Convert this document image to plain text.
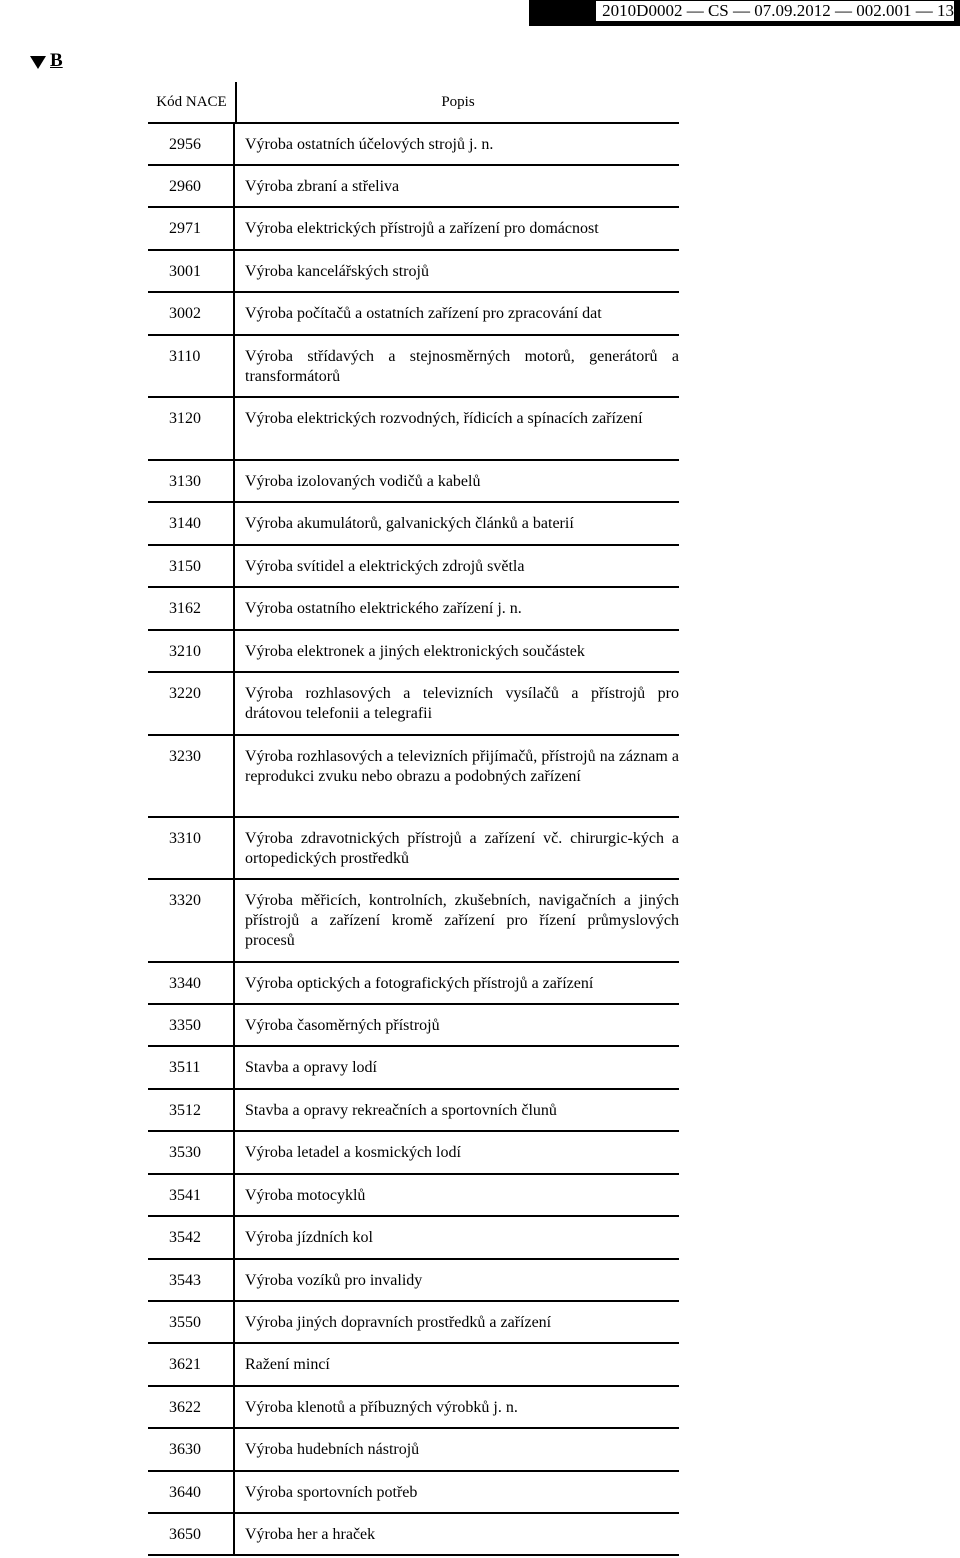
2010D0002 — CS — 07.09.2012 — 002.001 — 13
B
Kód NACE	Popis
2956	Výroba ostatních účelových strojů j. n.
2960	Výroba zbraní a střeliva
2971	Výroba elektrických přístrojů a zařízení pro domácnost
3001	Výroba kancelářských strojů
3002	Výroba počítačů a ostatních zařízení pro zpracování dat
3110	Výroba střídavých a stejnosměrných motorů, generátorů a transformátorů
3120	Výroba elektrických rozvodných, řídicích a spínacích zařízení
3130	Výroba izolovaných vodičů a kabelů
3140	Výroba akumulátorů, galvanických článků a baterií
3150	Výroba svítidel a elektrických zdrojů světla
3162	Výroba ostatního elektrického zařízení j. n.
3210	Výroba elektronek a jiných elektronických součástek
3220	Výroba rozhlasových a televizních vysílačů a přístrojů pro drátovou telefonii a telegrafii
3230	Výroba rozhlasových a televizních přijímačů, přístrojů na záznam a reprodukci zvuku nebo obrazu a podobných zařízení
3310	Výroba zdravotnických přístrojů a zařízení vč. chirurgic-kých a ortopedických prostředků
3320	Výroba měřicích, kontrolních, zkušebních, navigačních a jiných přístrojů a zařízení kromě zařízení pro řízení průmyslových procesů
3340	Výroba optických a fotografických přístrojů a zařízení
3350	Výroba časoměrných přístrojů
3511	Stavba a opravy lodí
3512	Stavba a opravy rekreačních a sportovních člunů
3530	Výroba letadel a kosmických lodí
3541	Výroba motocyklů
3542	Výroba jízdních kol
3543	Výroba vozíků pro invalidy
3550	Výroba jiných dopravních prostředků a zařízení
3621	Ražení mincí
3622	Výroba klenotů a příbuzných výrobků j. n.
3630	Výroba hudebních nástrojů
3640	Výroba sportovních potřeb
3650	Výroba her a hraček
